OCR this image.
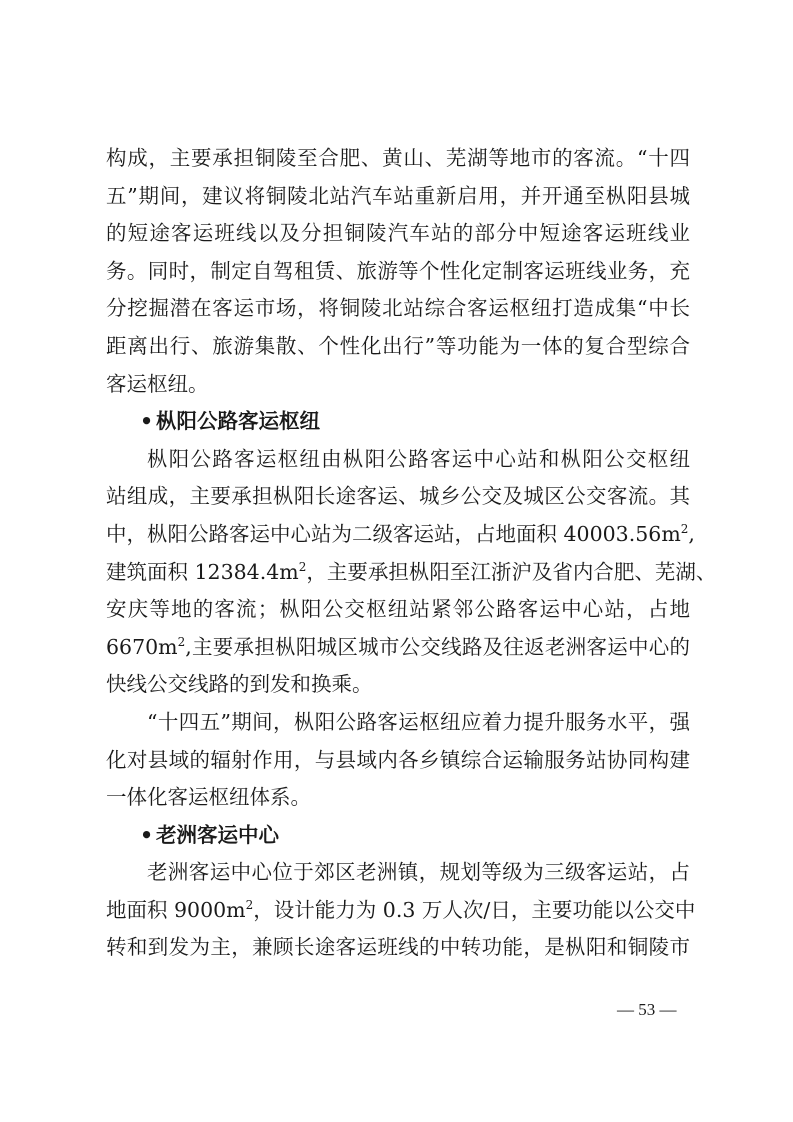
构成，主要承担铜陵至合肥、黄山、芜湖等地市的客流。“十四
五”期间，建议将铜陵北站汽车站重新启用，并开通至枞阳县城
的短途客运班线以及分担铜陵汽车站的部分中短途客运班线业
务。同时，制定自驾租赁、旅游等个性化定制客运班线业务，充
分挖掘潜在客运市场，将铜陵北站综合客运枢纽打造成集“中长
距离出行、旅游集散、个性化出行”等功能为一体的复合型综合
客运枢纽。
• 枞阳公路客运枢纽
枞阳公路客运枢纽由枞阳公路客运中心站和枞阳公交枢纽
站组成，主要承担枞阳长途客运、城乡公交及城区公交客流。其
中，枞阳公路客运中心站为二级客运站，占地面积 $40003.56m^2$,
建筑面积 $12384.4m^2$，主要承担枞阳至江浙沪及省内合肥、芜湖、
安庆等地的客流；枞阳公交枢纽站紧邻公路客运中心站，占地
$6670m^2$,主要承担枞阳城区城市公交线路及往返老洲客运中心的
快线公交线路的到发和换乘。
“十四五”期间，枞阳公路客运枢纽应着力提升服务水平，强
化对县域的辐射作用，与县域内各乡镇综合运输服务站协同构建
一体化客运枢纽体系。
• 老洲客运中心
老洲客运中心位于郊区老洲镇，规划等级为三级客运站，占
地面积 $9000m^2$，设计能力为 0.3 万人次/日，主要功能以公交中
转和到发为主，兼顾长途客运班线的中转功能，是枞阳和铜陵市
— 53 —
